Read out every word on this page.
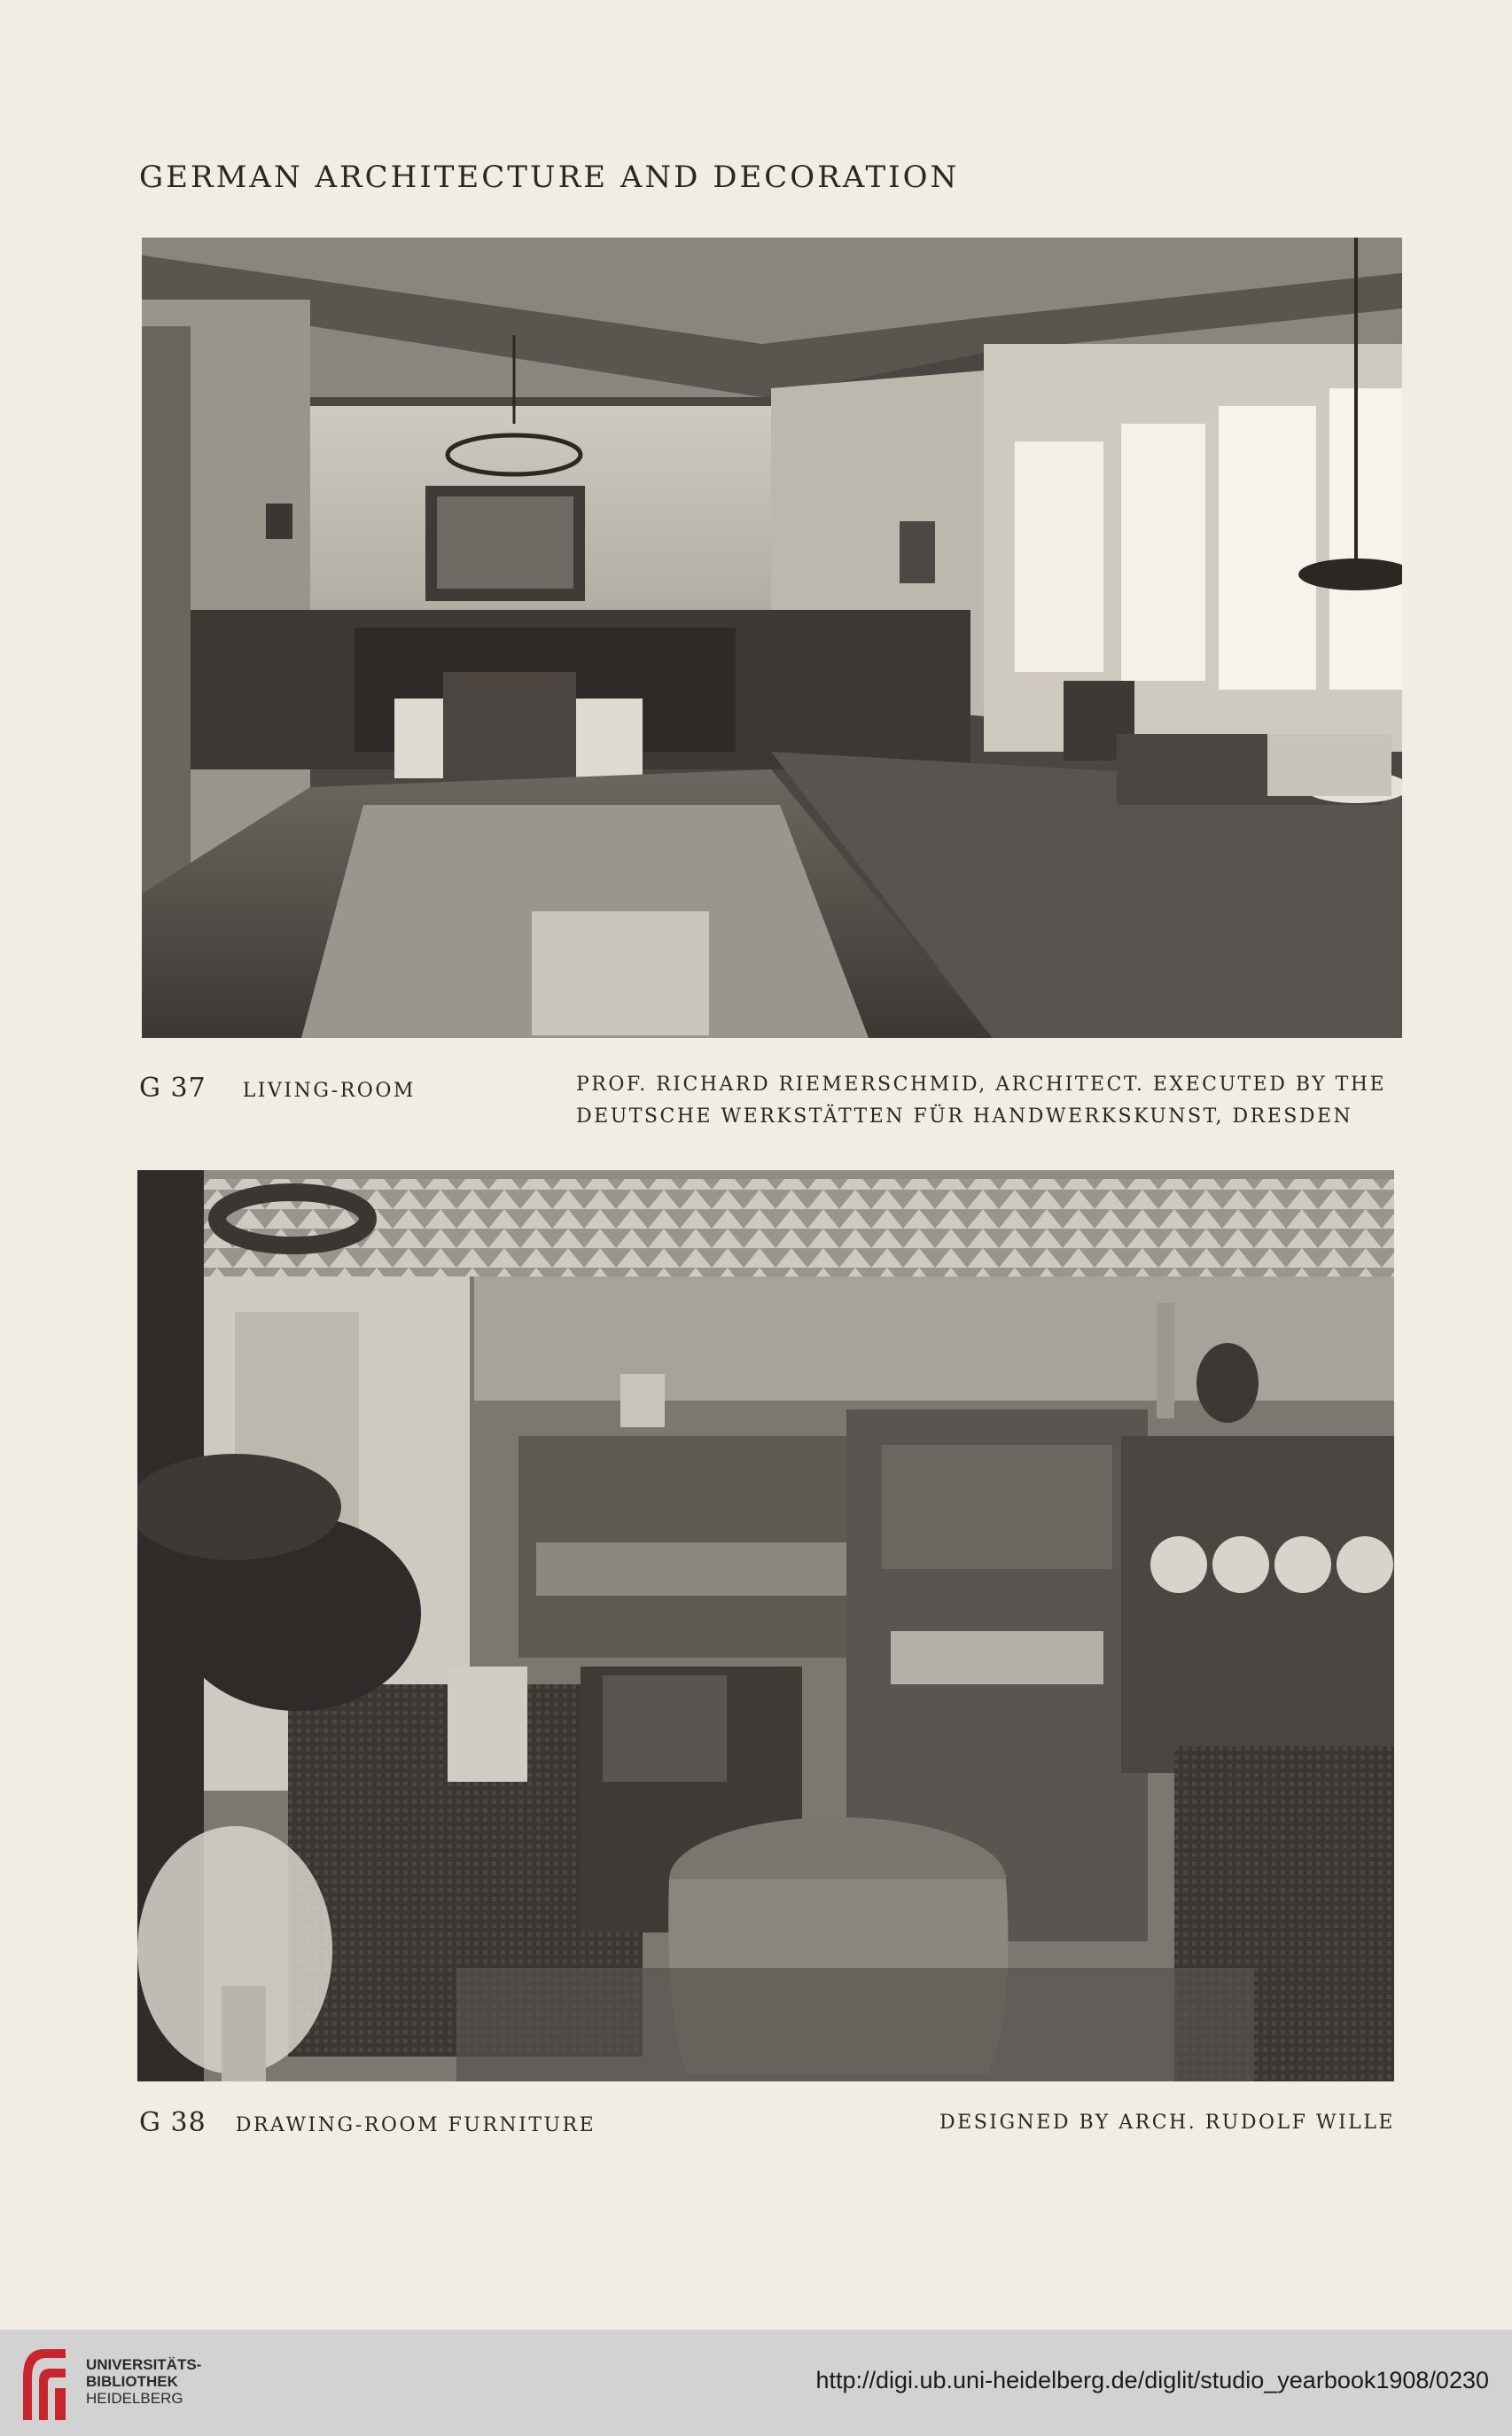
GERMAN ARCHITECTURE AND DECORATION
G 37 LIVING-ROOM	PROF. RICHARD RIEMERSCHMID, ARCHITECT. EXECUTED BY THE
DEUTSCHE WERKSTÄTTEN FÜR HANDWERKSKUNST, DRESDEN
G 38 DRAWING-ROOM FURNITURE	DESIGNED BY ARCH. RUDOLF WILLE
UNIVERSITÄTS-
BIBLIOTHEK
HEIDELBERG
http://digi.ub.uni-heidelberg.de/diglit/studio_yearbook1908/0230
